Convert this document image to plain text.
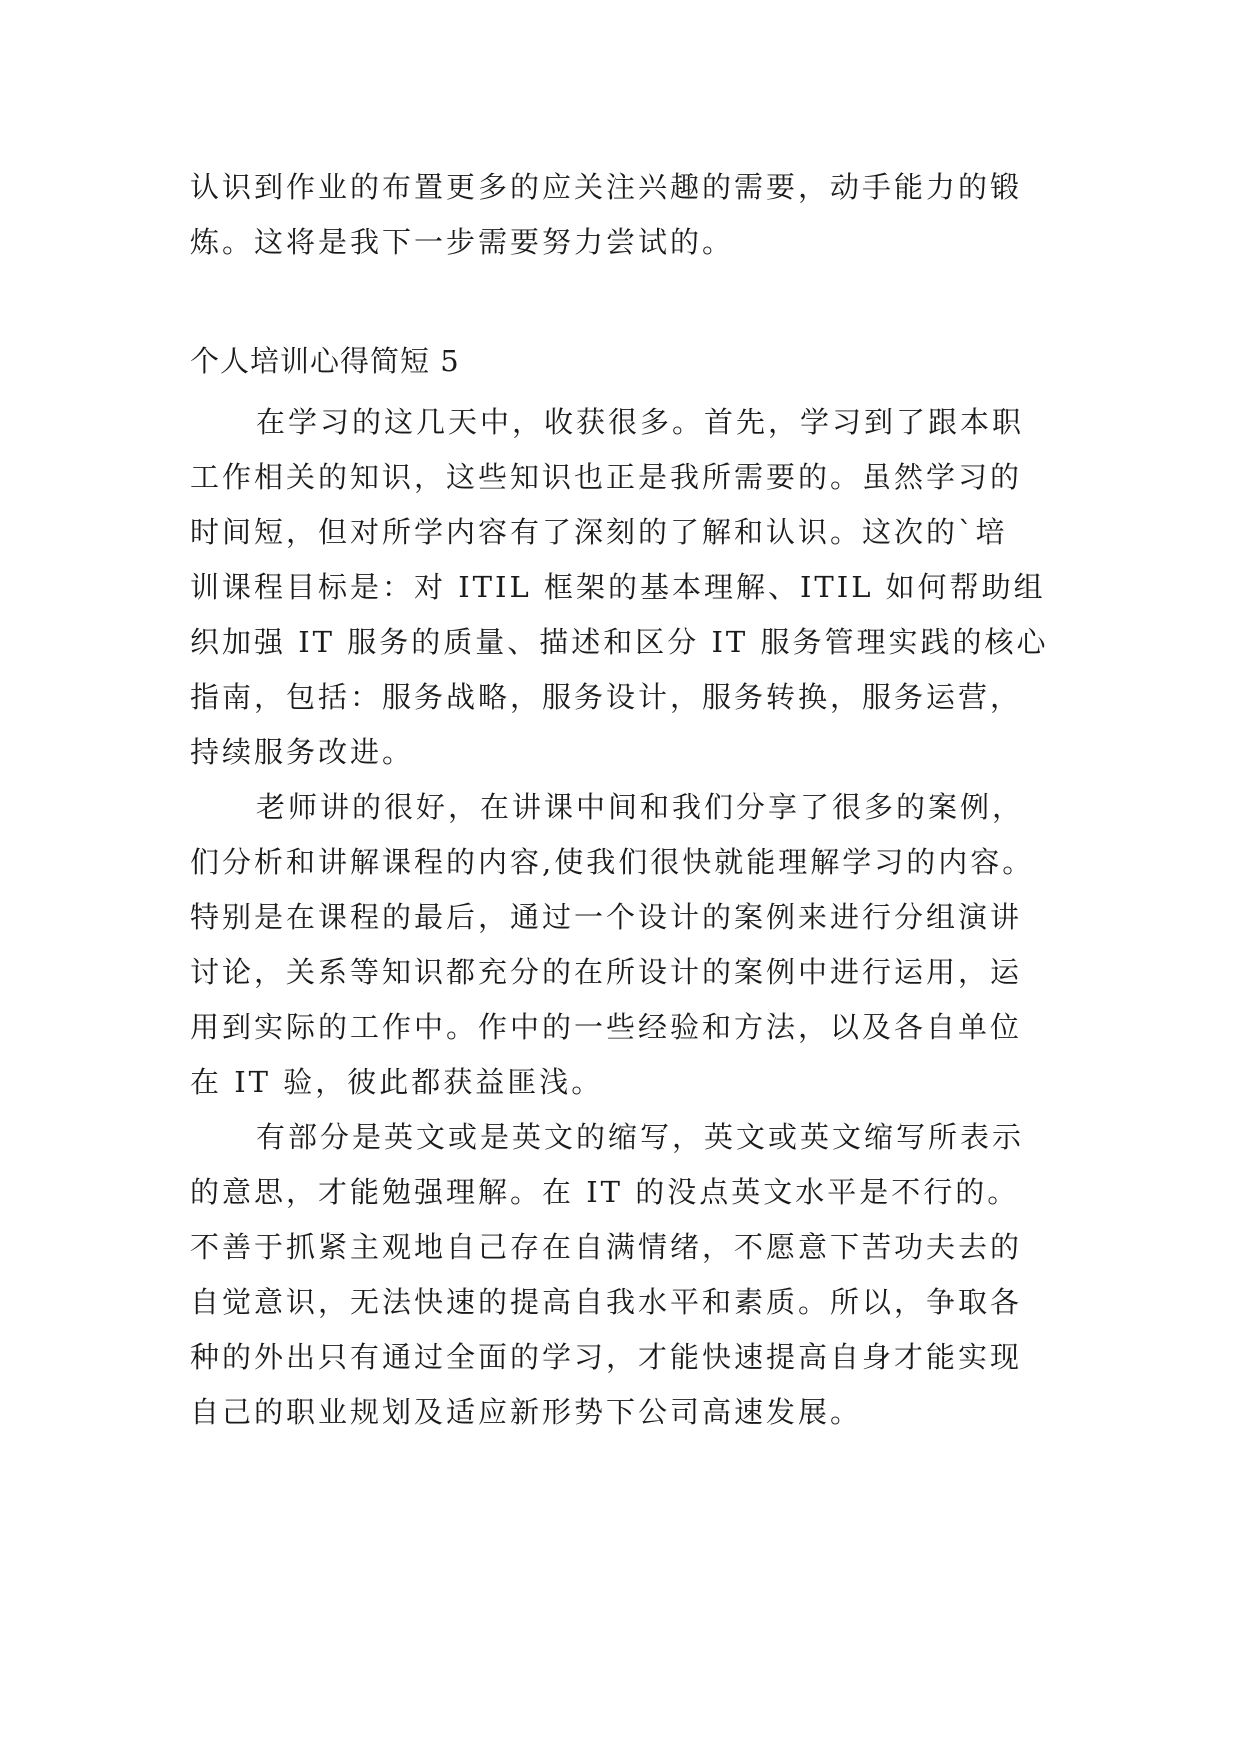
认识到作业的布置更多的应关注兴趣的需要，动手能力的锻
炼。这将是我下一步需要努力尝试的。
个人培训心得简短 5
在学习的这几天中，收获很多。首先，学习到了跟本职
工作相关的知识，这些知识也正是我所需要的。虽然学习的
时间短，但对所学内容有了深刻的了解和认识。这次的`培
训课程目标是：对 ITIL 框架的基本理解、ITIL 如何帮助组
织加强 IT 服务的质量、描述和区分 IT 服务管理实践的核心
指南，包括：服务战略，服务设计，服务转换，服务运营，
持续服务改进。
老师讲的很好，在讲课中间和我们分享了很多的案例，
们分析和讲解课程的内容,使我们很快就能理解学习的内容。
特别是在课程的最后，通过一个设计的案例来进行分组演讲
讨论，关系等知识都充分的在所设计的案例中进行运用，运
用到实际的工作中。作中的一些经验和方法，以及各自单位
在 IT 验，彼此都获益匪浅。
有部分是英文或是英文的缩写，英文或英文缩写所表示
的意思，才能勉强理解。在 IT 的没点英文水平是不行的。
不善于抓紧主观地自己存在自满情绪，不愿意下苦功夫去的
自觉意识，无法快速的提高自我水平和素质。所以，争取各
种的外出只有通过全面的学习，才能快速提高自身才能实现
自己的职业规划及适应新形势下公司高速发展。
